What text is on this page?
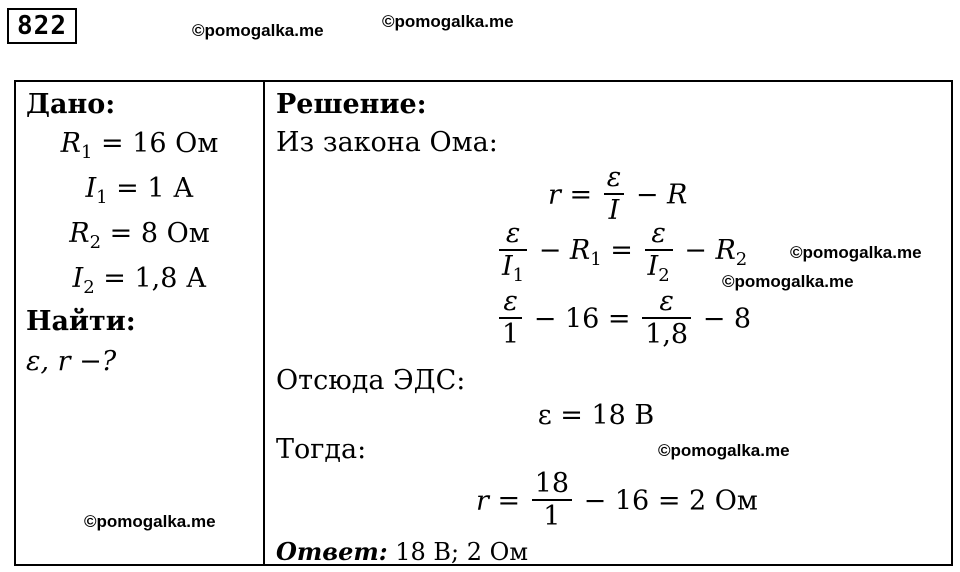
822	©pomogalka.me	©pomogalka.me
Дано:
$R_1 = 16$ Ом
$I_1 = 1$ А
$R_2 = 8$ Ом
$I_2 = 1,8$ А
Найти:
ε, r −?
©pomogalka.me
Решение:
Из закона Ома:
$r = \frac{\varepsilon}{I} - R$
$\frac{\varepsilon}{I_1} - R_1 = \frac{\varepsilon}{I_2} - R_2$	©pomogalka.me
©pomogalka.me
$\frac{\varepsilon}{1} - 16 = \frac{\varepsilon}{1,8} - 8$
Отсюда ЭДС:
ε = 18 В
Тогда:	©pomogalka.me
$r = \frac{18}{1} - 16 = 2$ Ом
Ответ: 18 В; 2 Ом
